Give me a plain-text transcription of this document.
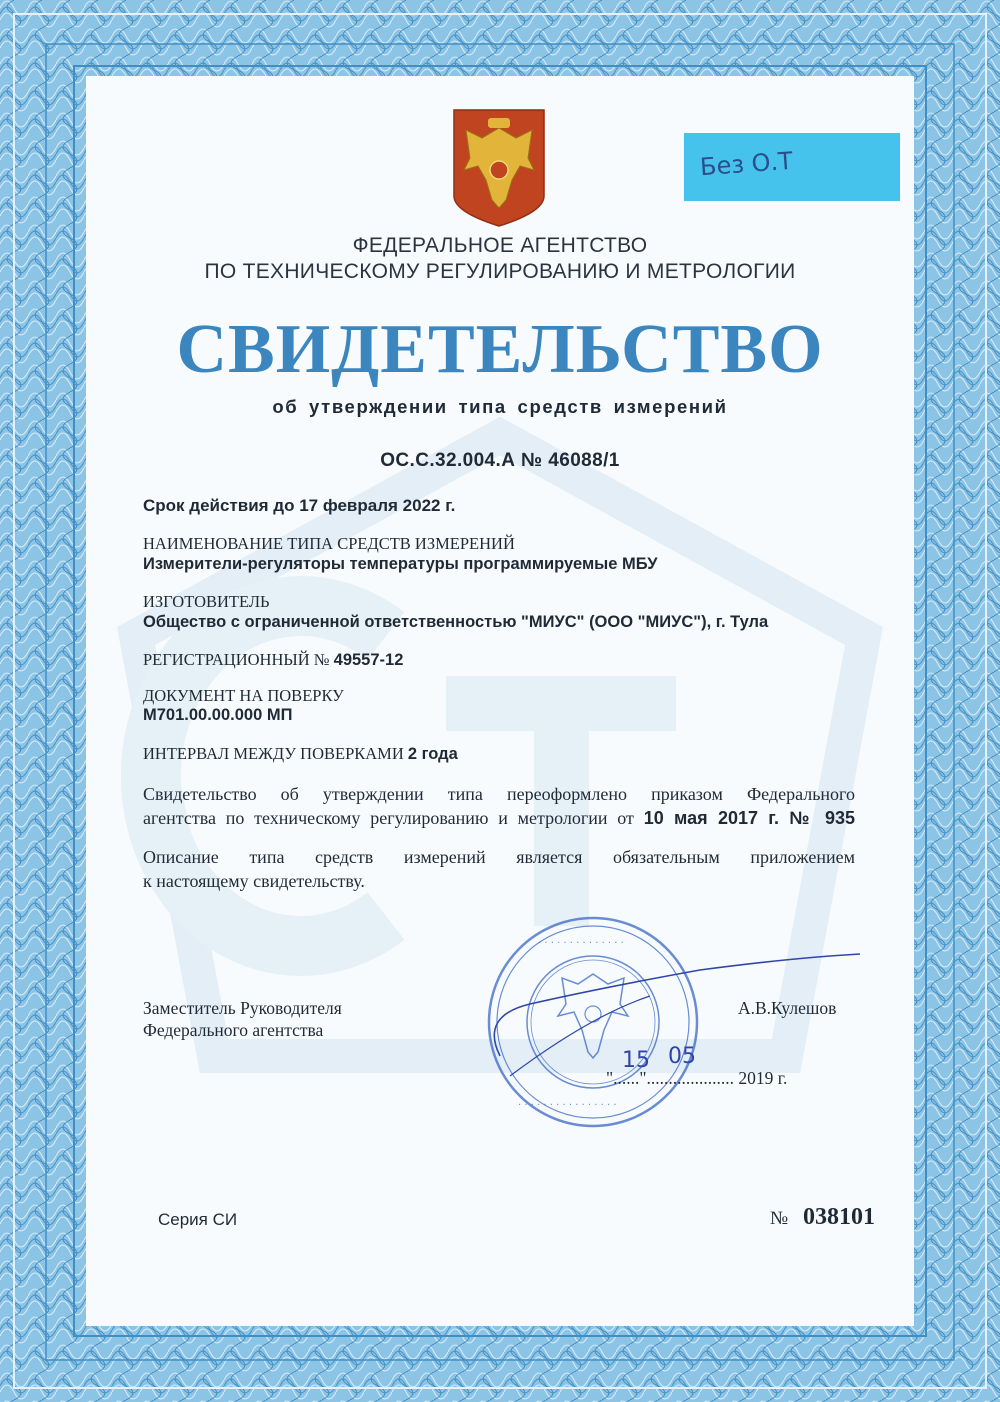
Без О.Т

ФЕДЕРАЛЬНОЕ АГЕНТСТВО

ПО ТЕХНИЧЕСКОМУ РЕГУЛИРОВАНИЮ И МЕТРОЛОГИИ

СВИДЕТЕЛЬСТВО

об утверждении типа средств измерений

ОС.С.32.004.А № 46088/1

Срок действия до 17 февраля 2022 г.

НАИМЕНОВАНИЕ ТИПА СРЕДСТВ ИЗМЕРЕНИЙ

Измерители-регуляторы температуры программируемые МБУ

ИЗГОТОВИТЕЛЬ

Общество с ограниченной ответственностью "МИУС" (ООО "МИУС"), г. Тула

РЕГИСТРАЦИОННЫЙ № 49557-12

ДОКУМЕНТ НА ПОВЕРКУ

М701.00.00.000 МП

ИНТЕРВАЛ МЕЖДУ ПОВЕРКАМИ 2 года

Свидетельство об утверждении типа переоформлено приказом Федерального

агентства по техническому регулированию и метрологии от 10 мая 2017 г. № 935

Описание типа средств измерений является обязательным приложением

к настоящему свидетельству.

· · · · · · · · · · · · · ·
· · · · · · · · · · · · · · · ·

Заместитель Руководителя

Федерального агентства

А.В.Кулешов

"......".................... 2019 г.

15 05

Серия СИ	№ 038101
